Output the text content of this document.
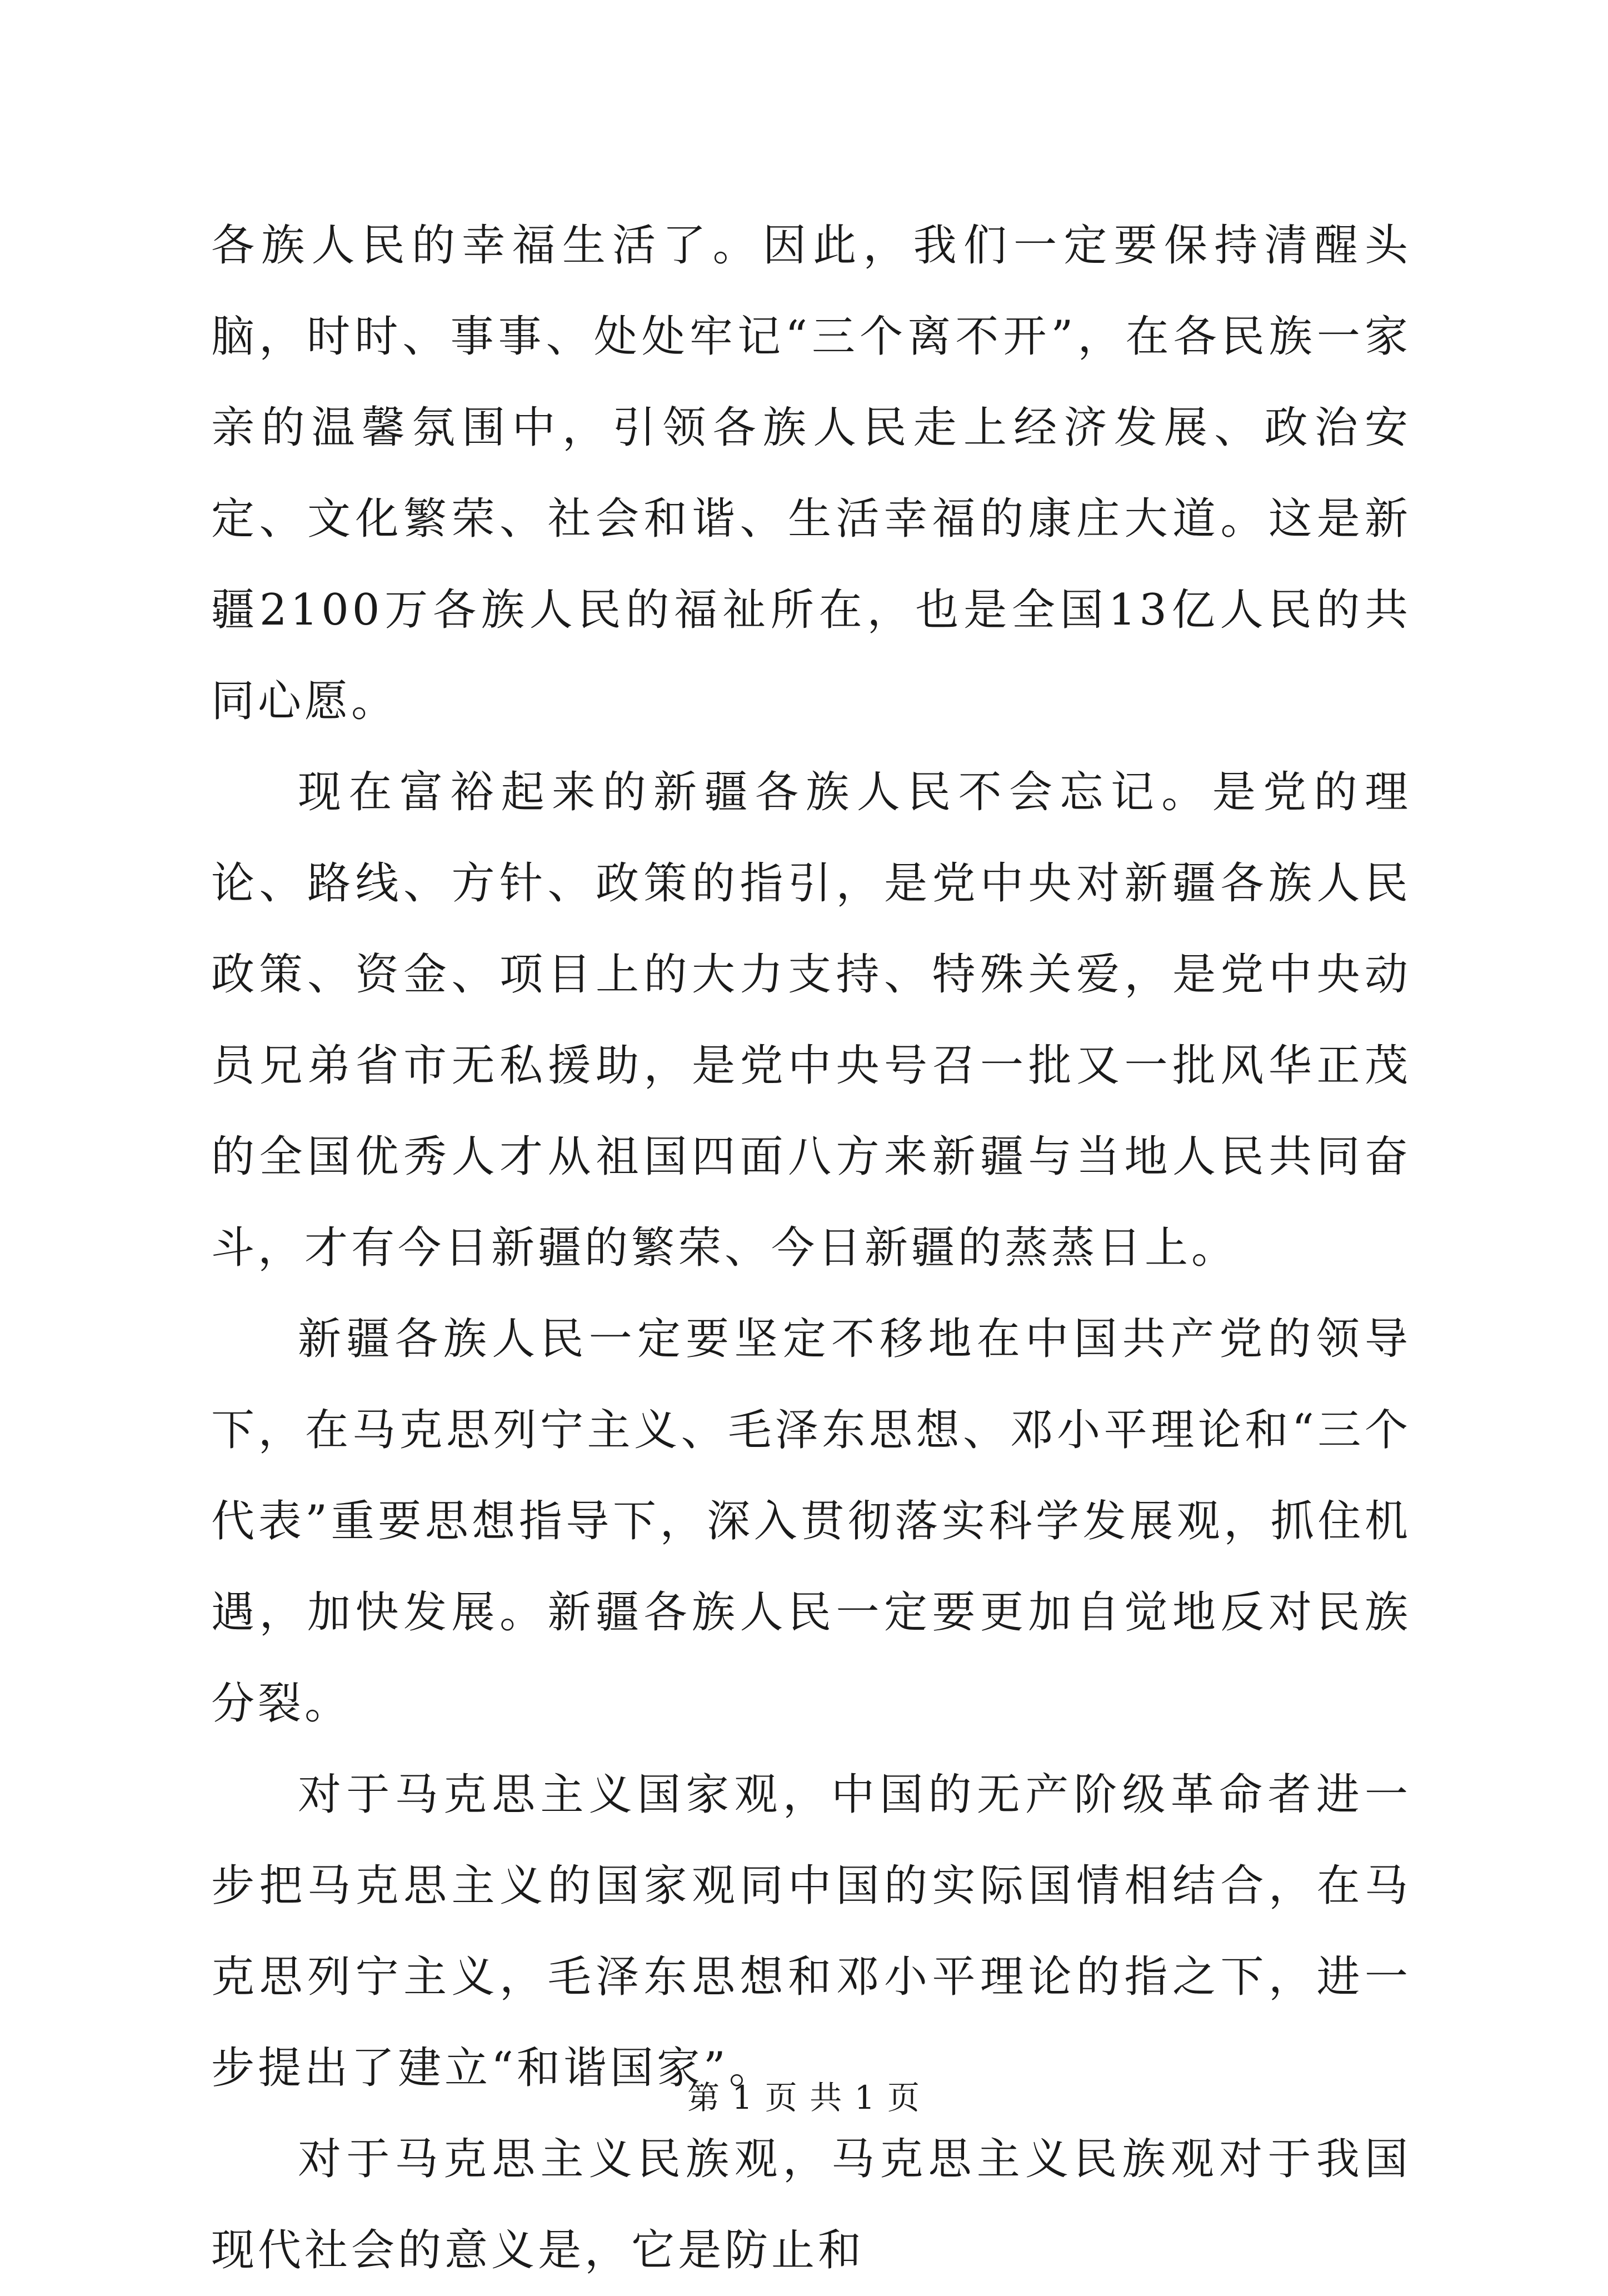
各族人民的幸福生活了。因此，我们一定要保持清醒头脑，时时、事事、处处牢记“三个离不开”，在各民族一家亲的温馨氛围中，引领各族人民走上经济发展、政治安定、文化繁荣、社会和谐、生活幸福的康庄大道。这是新疆2100万各族人民的福祉所在，也是全国13亿人民的共同心愿。

现在富裕起来的新疆各族人民不会忘记。是党的理论、路线、方针、政策的指引，是党中央对新疆各族人民政策、资金、项目上的大力支持、特殊关爱，是党中央动员兄弟省市无私援助，是党中央号召一批又一批风华正茂的全国优秀人才从祖国四面八方来新疆与当地人民共同奋斗，才有今日新疆的繁荣、今日新疆的蒸蒸日上。

新疆各族人民一定要坚定不移地在中国共产党的领导下，在马克思列宁主义、毛泽东思想、邓小平理论和“三个代表”重要思想指导下，深入贯彻落实科学发展观，抓住机遇，加快发展。新疆各族人民一定要更加自觉地反对民族分裂。

对于马克思主义国家观，中国的无产阶级革命者进一步把马克思主义的国家观同中国的实际国情相结合，在马克思列宁主义，毛泽东思想和邓小平理论的指之下，进一步提出了建立“和谐国家”。

对于马克思主义民族观，马克思主义民族观对于我国现代社会的意义是，它是防止和

第 1 页 共 1 页
